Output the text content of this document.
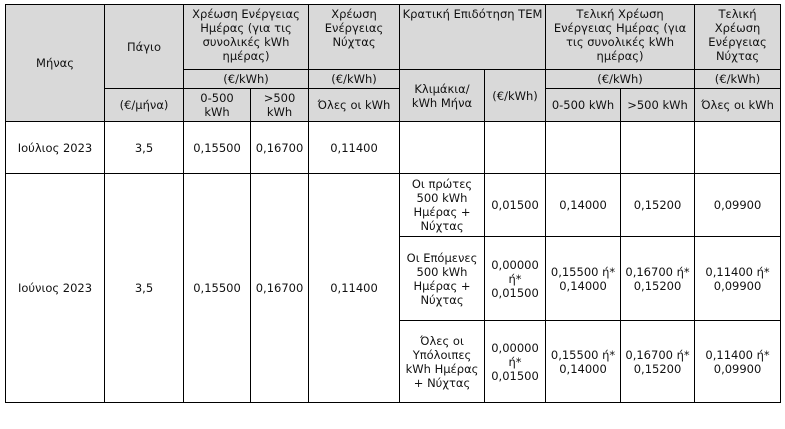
Μήνας	Πάγιο	Χρέωση Ενέργειας Ημέρας (για τις συνολικές kWh ημέρας)		Χρέωση Ενέργειας Νύχτας	Κρατική Επιδότηση ΤΕΜ		Τελική Χρέωση Ενέργειας Ημέρας (για τις συνολικές kWh ημέρας)		Τελική Χρέωση Ενέργειας Νύχτας
		(€/kWh)		(€/kWh)	Κλιμάκια/ kWh Μήνα	(€/kWh)	(€/kWh)		(€/kWh)
	(€/μήνα)	0-500 kWh	>500 kWh	Όλες οι kWh			0-500 kWh	>500 kWh	Όλες οι kWh
Ιούλιος 2023	3,5	0,15500	0,16700	0,11400					
Ιούνιος 2023	3,5	0,15500	0,16700	0,11400	Οι πρώτες 500 kWh Ημέρας + Νύχτας	0,01500	0,14000	0,15200	0,09900
					Οι Επόμενες 500 kWh Ημέρας + Νύχτας	0,00000 ή* 0,01500	0,15500 ή* 0,14000	0,16700 ή* 0,15200	0,11400 ή* 0,09900
					Όλες οι Υπόλοιπες kWh Ημέρας + Νύχτας	0,00000 ή* 0,01500	0,15500 ή* 0,14000	0,16700 ή* 0,15200	0,11400 ή* 0,09900
